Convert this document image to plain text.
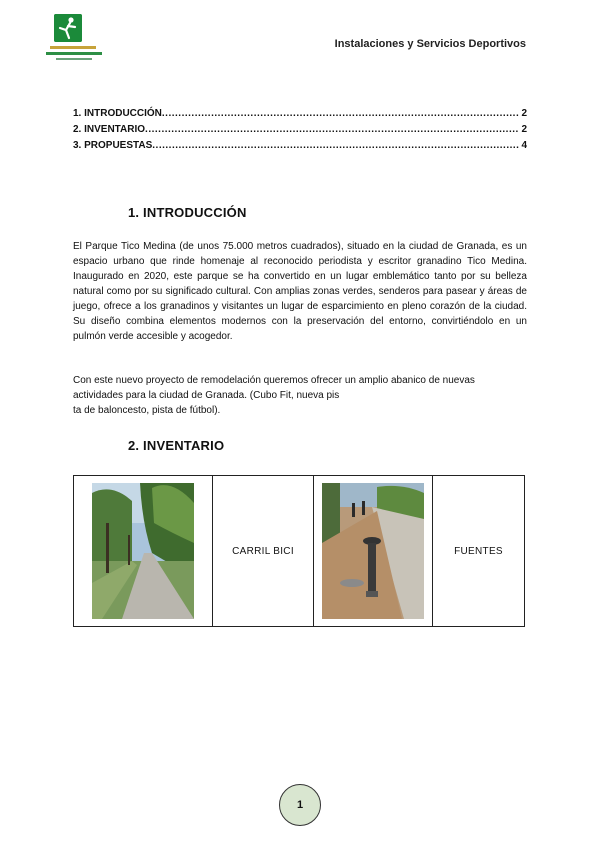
Instalaciones y Servicios Deportivos
1. INTRODUCCIÓN .....	2
2. INVENTARIO .....	2
3. PROPUESTAS .....	4
1. INTRODUCCIÓN

El Parque Tico Medina (de unos 75.000 metros cuadrados), situado en la ciudad de Granada, es un espacio urbano que rinde homenaje al reconocido periodista y escritor granadino Tico Medina. Inaugurado en 2020, este parque se ha convertido en un lugar emblemático tanto por su belleza natural como por su significado cultural. Con amplias zonas verdes, senderos para pasear y áreas de juego, ofrece a los granadinos y visitantes un lugar de esparcimiento en pleno corazón de la ciudad. Su diseño combina elementos modernos con la preservación del entorno, convirtiéndolo en un pulmón verde accesible y acogedor.

Con este nuevo proyecto de remodelación queremos ofrecer un amplio abanico de nuevas actividades para la ciudad de Granada. (Cubo Fit, nueva pis
ta de baloncesto, pista de fútbol).
2. INVENTARIO
	CARRIL BICI		FUENTES
1
